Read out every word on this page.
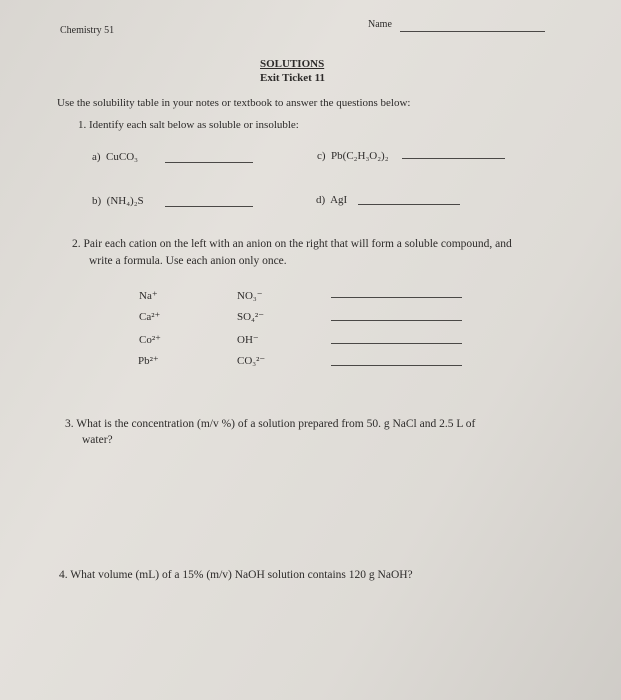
Chemistry 51
Name
SOLUTIONS
Exit Ticket 11
Use the solubility table in your notes or textbook to answer the questions below:
1. Identify each salt below as soluble or insoluble:
a) CuCO₃	c) Pb(C₂H₃O₂)₂
b) (NH₄)₂S	d) AgI
2. Pair each cation on the left with an anion on the right that will form a soluble compound, and
write a formula. Use each anion only once.
Na⁺
Ca²⁺
Co²⁺
Pb²⁺
NO₃⁻
SO₄²⁻
OH⁻
CO₃²⁻
3. What is the concentration (m/v %) of a solution prepared from 50. g NaCl and 2.5 L of
water?
4. What volume (mL) of a 15% (m/v) NaOH solution contains 120 g NaOH?
